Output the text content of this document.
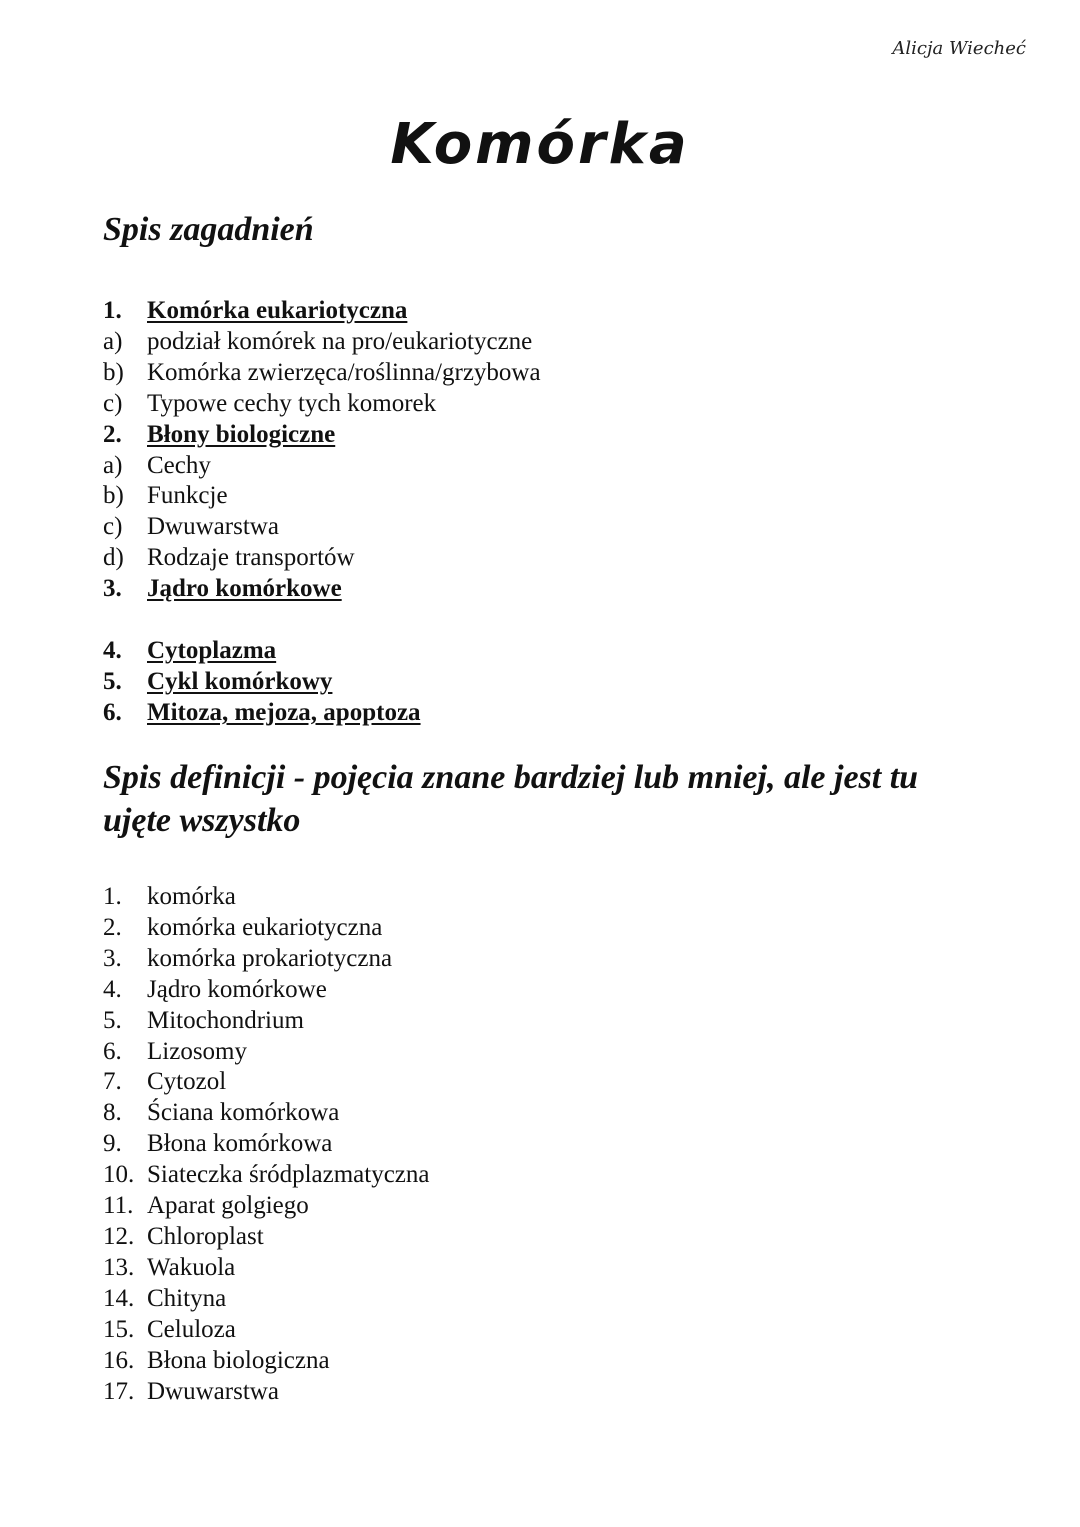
Alicja Wiecheć
Komórka
Spis zagadnień
1.	Komórka eukariotyczna
a) podział komórek na pro/eukariotyczne
b) Komórka zwierzęca/roślinna/grzybowa
c) Typowe cechy tych komorek
2.	Błony biologiczne
a) Cechy
b) Funkcje
c) Dwuwarstwa
d) Rodzaje transportów
3.	Jądro komórkowe
4.	Cytoplazma
5.	Cykl komórkowy
6.	Mitoza, mejoza, apoptoza
Spis definicji - pojęcia znane bardziej lub mniej, ale jest tu
ujęte wszystko
1.	komórka
2.	komórka eukariotyczna
3.	komórka prokariotyczna
4.	Jądro komórkowe
5.	Mitochondrium
6.	Lizosomy
7.	Cytozol
8.	Ściana komórkowa
9.	Błona komórkowa
10. Siateczka śródplazmatyczna
11. Aparat golgiego
12. Chloroplast
13. Wakuola
14. Chityna
15. Celuloza
16. Błona biologiczna
17. Dwuwarstwa
